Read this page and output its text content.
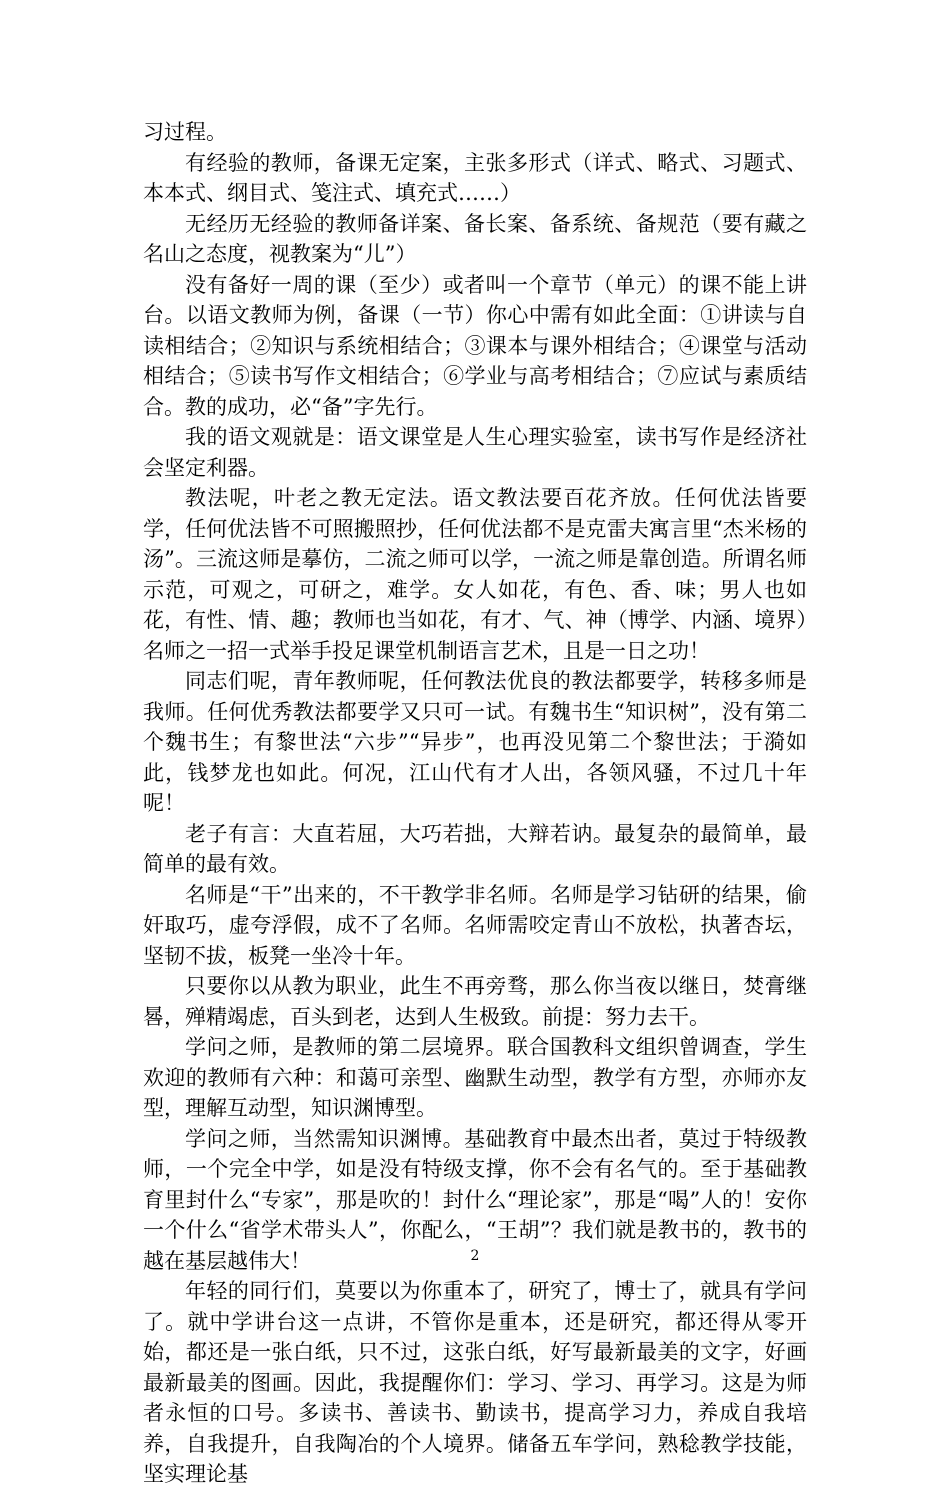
习过程。

有经验的教师，备课无定案，主张多形式（详式、略式、习题式、本本式、纲目式、笺注式、填充式……）

无经历无经验的教师备详案、备长案、备系统、备规范（要有藏之名山之态度，视教案为“儿”）

没有备好一周的课（至少）或者叫一个章节（单元）的课不能上讲台。以语文教师为例，备课（一节）你心中需有如此全面：①讲读与自读相结合；②知识与系统相结合；③课本与课外相结合；④课堂与活动相结合；⑤读书写作文相结合；⑥学业与高考相结合；⑦应试与素质结合。教的成功，必“备”字先行。

我的语文观就是：语文课堂是人生心理实验室，读书写作是经济社会坚定利器。

教法呢，叶老之教无定法。语文教法要百花齐放。任何优法皆要学，任何优法皆不可照搬照抄，任何优法都不是克雷夫寓言里“杰米杨的汤”。三流这师是摹仿，二流之师可以学，一流之师是靠创造。所谓名师示范，可观之，可研之，难学。女人如花，有色、香、味；男人也如花，有性、情、趣；教师也当如花，有才、气、神（博学、内涵、境界）名师之一招一式举手投足课堂机制语言艺术，且是一日之功！

同志们呢，青年教师呢，任何教法优良的教法都要学，转移多师是我师。任何优秀教法都要学又只可一试。有魏书生“知识树”，没有第二个魏书生；有黎世法“六步”“异步”，也再没见第二个黎世法；于漪如此，钱梦龙也如此。何况，江山代有才人出，各领风骚，不过几十年呢！

老子有言：大直若屈，大巧若拙，大辩若讷。最复杂的最简单，最简单的最有效。

名师是“干”出来的，不干教学非名师。名师是学习钻研的结果，偷奸取巧，虚夸浮假，成不了名师。名师需咬定青山不放松，执著杏坛，坚韧不拔，板凳一坐冷十年。

只要你以从教为职业，此生不再旁骛，那么你当夜以继日，焚膏继晷，殚精竭虑，百头到老，达到人生极致。前提：努力去干。

学问之师，是教师的第二层境界。联合国教科文组织曾调查，学生欢迎的教师有六种：和蔼可亲型、幽默生动型，教学有方型，亦师亦友型，理解互动型，知识渊博型。

学问之师，当然需知识渊博。基础教育中最杰出者，莫过于特级教师，一个完全中学，如是没有特级支撑，你不会有名气的。至于基础教育里封什么“专家”，那是吹的！封什么“理论家”，那是“喝”人的！安你一个什么“省学术带头人”，你配么，“王胡”？我们就是教书的，教书的越在基层越伟大！

年轻的同行们，莫要以为你重本了，研究了，博士了，就具有学问了。就中学讲台这一点讲，不管你是重本，还是研究，都还得从零开始，都还是一张白纸，只不过，这张白纸，好写最新最美的文字，好画最新最美的图画。因此，我提醒你们：学习、学习、再学习。这是为师者永恒的口号。多读书、善读书、勤读书，提高学习力，养成自我培养，自我提升，自我陶冶的个人境界。储备五车学问，熟稔教学技能，坚实理论基

2
